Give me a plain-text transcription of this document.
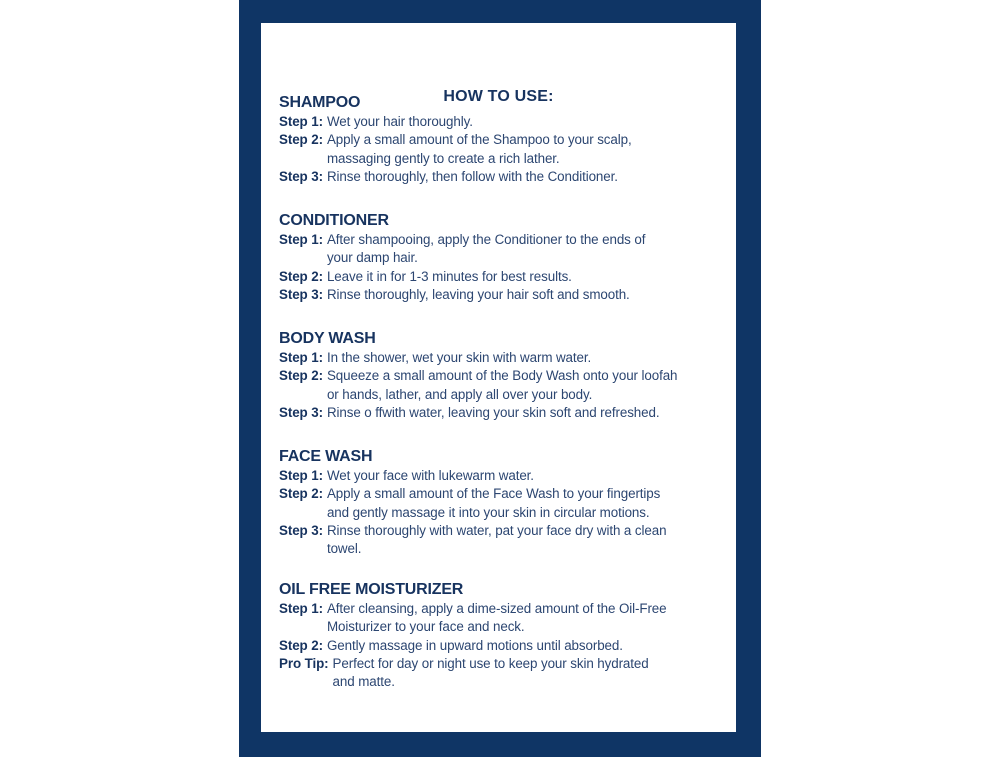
HOW TO USE:
SHAMPOO
Step 1: Wet your hair thoroughly.
Step 2: Apply a small amount of the Shampoo to your scalp,
massaging gently to create a rich lather.
Step 3: Rinse thoroughly, then follow with the Conditioner.
CONDITIONER
Step 1: After shampooing, apply the Conditioner to the ends of
your damp hair.
Step 2: Leave it in for 1-3 minutes for best results.
Step 3: Rinse thoroughly, leaving your hair soft and smooth.
BODY WASH
Step 1: In the shower, wet your skin with warm water.
Step 2: Squeeze a small amount of the Body Wash onto your loofah
or hands, lather, and apply all over your body.
Step 3: Rinse o ffwith water, leaving your skin soft and refreshed.
FACE WASH
Step 1: Wet your face with lukewarm water.
Step 2: Apply a small amount of the Face Wash to your fingertips
and gently massage it into your skin in circular motions.
Step 3: Rinse thoroughly with water, pat your face dry with a clean
towel.
OIL FREE MOISTURIZER
Step 1: After cleansing, apply a dime-sized amount of the Oil-Free
Moisturizer to your face and neck.
Step 2: Gently massage in upward motions until absorbed.
Pro Tip: Perfect for day or night use to keep your skin hydrated
and matte.
